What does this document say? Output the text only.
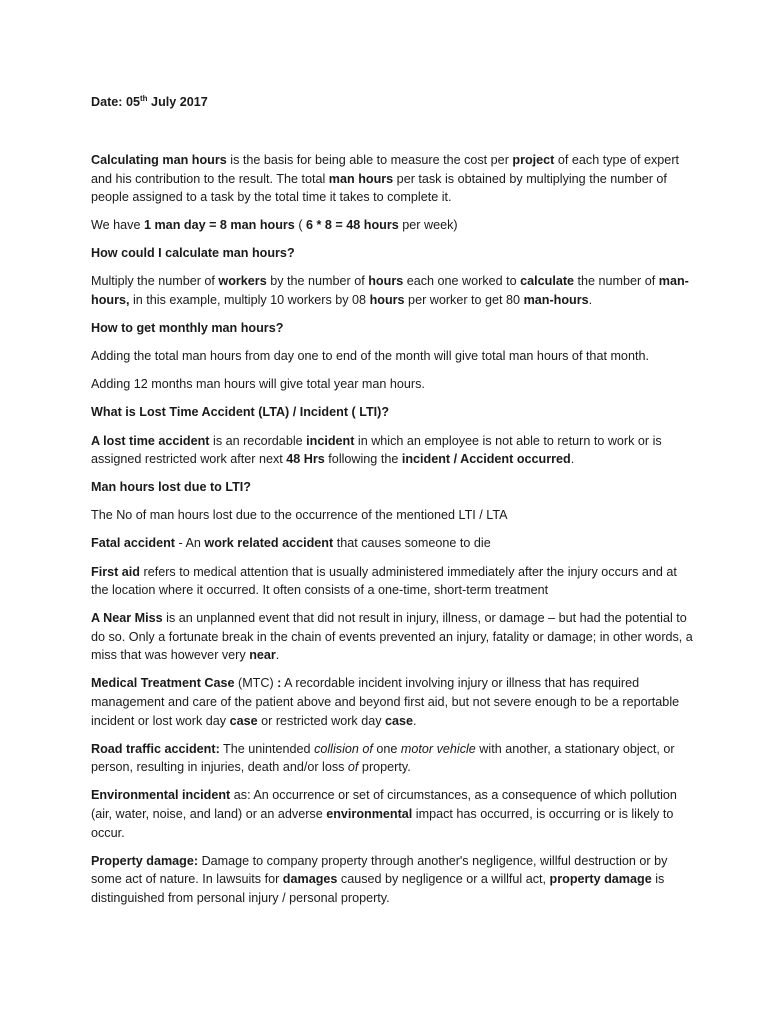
Date: 05th July 2017

Calculating man hours is the basis for being able to measure the cost per project of each type of expert and his contribution to the result. The total man hours per task is obtained by multiplying the number of people assigned to a task by the total time it takes to complete it.

We have 1 man day = 8 man hours ( 6 * 8 = 48 hours per week)

How could I calculate man hours?

Multiply the number of workers by the number of hours each one worked to calculate the number of man-hours, in this example, multiply 10 workers by 08 hours per worker to get 80 man-hours.

How to get monthly man hours?

Adding the total man hours from day one to end of the month will give total man hours of that month.

Adding 12 months man hours will give total year man hours.

What is Lost Time Accident (LTA) / Incident ( LTI)?

A lost time accident is an recordable incident in which an employee is not able to return to work or is assigned restricted work after next 48 Hrs following the incident / Accident occurred.

Man hours lost due to LTI?

The No of man hours lost due to the occurrence of the mentioned LTI / LTA

Fatal accident - An work related accident that causes someone to die

First aid refers to medical attention that is usually administered immediately after the injury occurs and at the location where it occurred. It often consists of a one-time, short-term treatment

A Near Miss is an unplanned event that did not result in injury, illness, or damage – but had the potential to do so. Only a fortunate break in the chain of events prevented an injury, fatality or damage; in other words, a miss that was however very near.

Medical Treatment Case (MTC) : A recordable incident involving injury or illness that has required management and care of the patient above and beyond first aid, but not severe enough to be a reportable incident or lost work day case or restricted work day case.

Road traffic accident: The unintended collision of one motor vehicle with another, a stationary object, or person, resulting in injuries, death and/or loss of property.

Environmental incident as: An occurrence or set of circumstances, as a consequence of which pollution (air, water, noise, and land) or an adverse environmental impact has occurred, is occurring or is likely to occur.

Property damage: Damage to company property through another's negligence, willful destruction or by some act of nature. In lawsuits for damages caused by negligence or a willful act, property damage is distinguished from personal injury / personal property.
